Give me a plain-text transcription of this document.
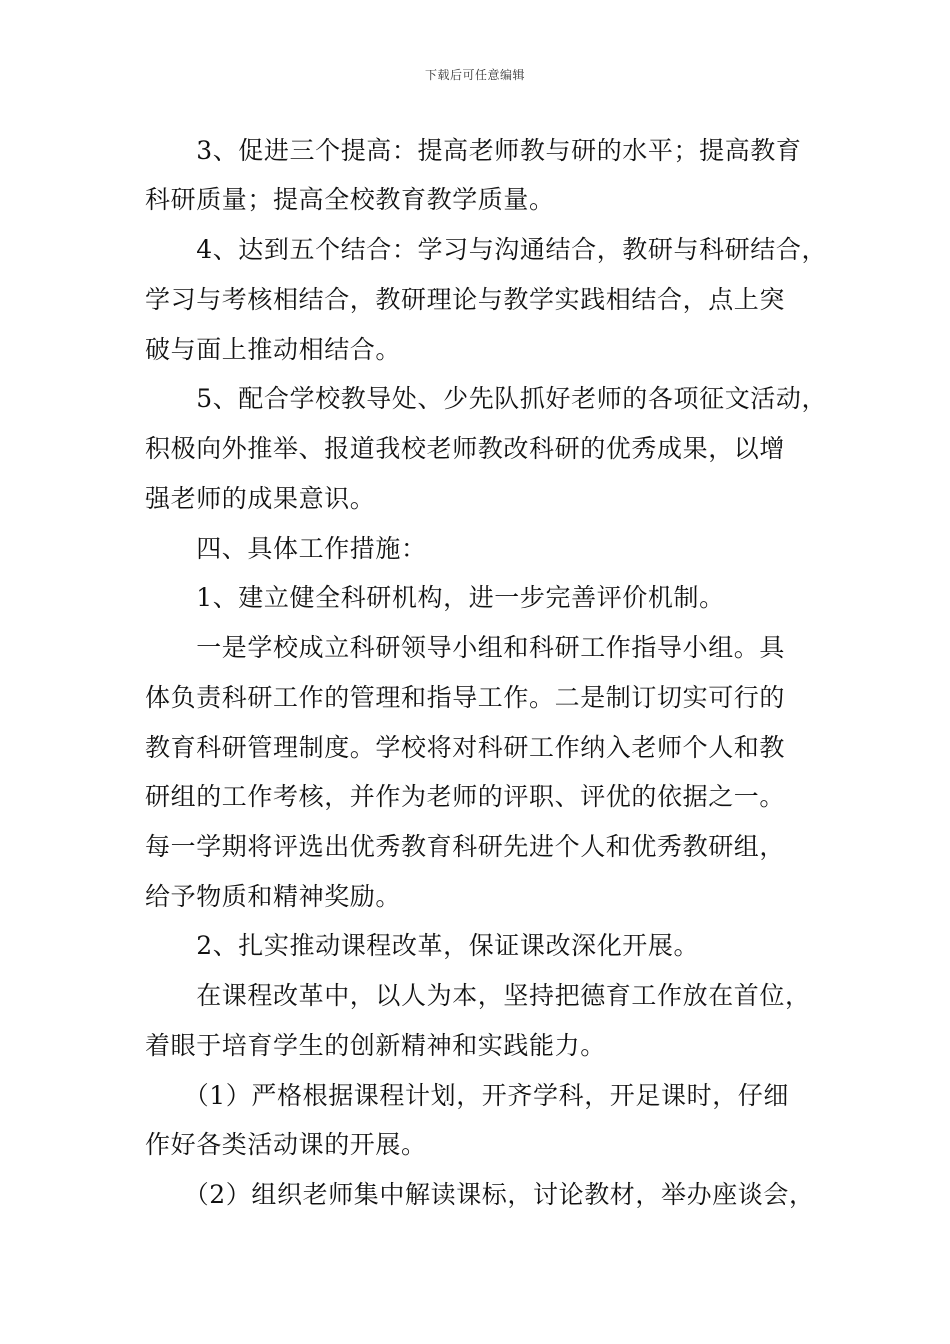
下载后可任意编辑
　　3、促进三个提高：提高老师教与研的水平；提高教育
科研质量；提高全校教育教学质量。
　　4、达到五个结合：学习与沟通结合，教研与科研结合，
学习与考核相结合，教研理论与教学实践相结合，点上突
破与面上推动相结合。
　　5、配合学校教导处、少先队抓好老师的各项征文活动，
积极向外推举、报道我校老师教改科研的优秀成果，以增
强老师的成果意识。
　　四、具体工作措施：
　　1、建立健全科研机构，进一步完善评价机制。
　　一是学校成立科研领导小组和科研工作指导小组。具
体负责科研工作的管理和指导工作。二是制订切实可行的
教育科研管理制度。学校将对科研工作纳入老师个人和教
研组的工作考核，并作为老师的评职、评优的依据之一。
每一学期将评选出优秀教育科研先进个人和优秀教研组，
给予物质和精神奖励。
　　2、扎实推动课程改革，保证课改深化开展。
　　在课程改革中，以人为本，坚持把德育工作放在首位，
着眼于培育学生的创新精神和实践能力。
　　（1）严格根据课程计划，开齐学科，开足课时，仔细
作好各类活动课的开展。
　　（2）组织老师集中解读课标，讨论教材，举办座谈会，
